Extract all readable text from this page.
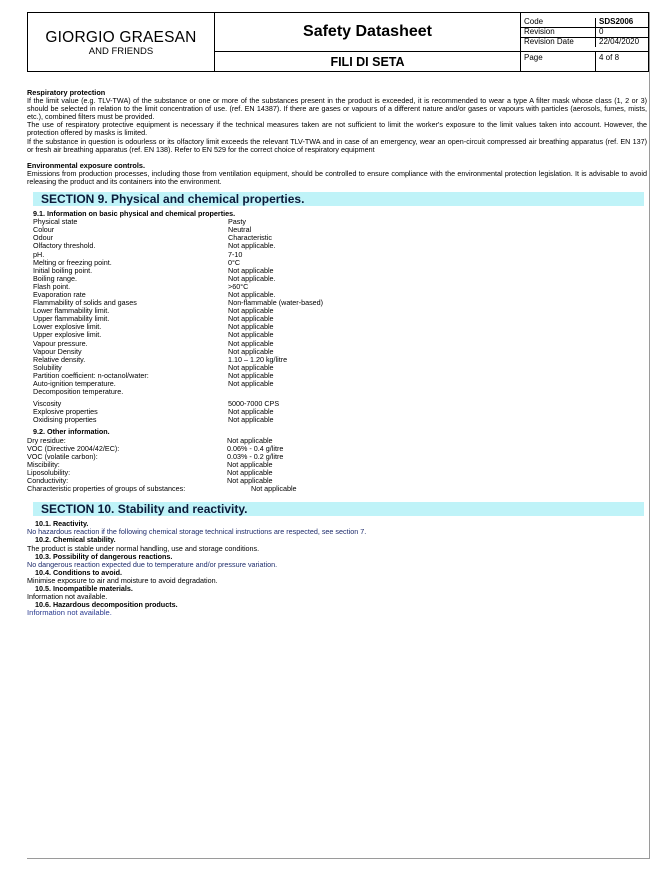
GIORGIO GRAESAN
AND FRIENDS
	Safety Datasheet	
Code	SDS2006
Revision	0
Revision Date	22/04/2020

FILI DI SETA		Page	4 of 8
Respiratory protection
If the limit value (e.g. TLV-TWA) of the substance or one or more of the substances present in the product is exceeded, it is recommended to wear a type A filter mask whose class (1, 2 or 3) should be selected in relation to the limit concentration of use. (ref. EN 14387). If there are gases or vapours of a different nature and/or gases or vapours with particles (aerosols, fumes, mists, etc.), combined filters must be provided.
The use of respiratory protective equipment is necessary if the technical measures taken are not sufficient to limit the worker's exposure to the limit values taken into account. However, the protection offered by masks is limited.
If the substance in question is odourless or its olfactory limit exceeds the relevant TLV-TWA and in case of an emergency, wear an open-circuit compressed air breathing apparatus (ref. EN 137) or fresh air breathing apparatus (ref. EN 138). Refer to EN 529 for the correct choice of respiratory equipment
Environmental exposure controls.
Emissions from production processes, including those from ventilation equipment, should be controlled to ensure compliance with the environmental protection legislation. It is advisable to avoid releasing the product and its containers into the environment.
SECTION 9. Physical and chemical properties.
9.1. Information on basic physical and chemical properties.
Physical state	Pasty
Colour	Neutral
Odour	Characteristic
Olfactory threshold.	Not applicable.
pH.	7-10
Melting or freezing point.	0°C
Initial boiling point.	Not applicable
Boiling range.	Not applicable.
Flash point.	>60°C
Evaporation rate	Not applicable.
Flammability of solids and gases	Non-flammable (water-based)
Lower flammability limit.	Not applicable
Upper flammability limit.	Not applicable
Lower explosive limit.	Not applicable
Upper explosive limit.	Not applicable
Vapour pressure.	Not applicable
Vapour Density	Not applicable
Relative density.	1.10 – 1.20 kg/litre
Solubility	Not applicable
Partition coefficient: n-octanol/water:	Not applicable
Auto-ignition temperature.	Not applicable
Decomposition temperature.
Viscosity	5000-7000 CPS
Explosive properties	Not applicable
Oxidising properties	Not applicable
9.2. Other information.
Dry residue:	Not applicable
VOC (Directive 2004/42/EC):	0.06% - 0.4 g/litre
VOC (volatile carbon):	0.03% - 0.2 g/litre
Miscibility:	Not applicable
Liposolubility:	Not applicable
Conductivity:	Not applicable
Characteristic properties of groups of substances:	Not applicable
SECTION 10. Stability and reactivity.
10.1. Reactivity.
No hazardous reaction if the following chemical storage technical instructions are respected, see section 7.
10.2. Chemical stability.
The product is stable under normal handling, use and storage conditions.
10.3. Possibility of dangerous reactions.
No dangerous reaction expected due to temperature and/or pressure variation.
10.4. Conditions to avoid.
Minimise exposure to air and moisture to avoid degradation.
10.5. Incompatible materials.
Information not available.
10.6. Hazardous decomposition products.
Information not available.
